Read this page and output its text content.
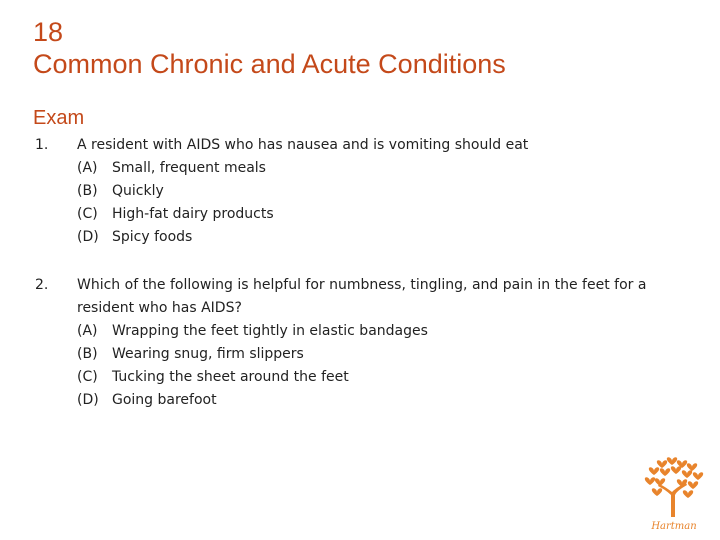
18
Common Chronic and Acute Conditions
Exam
1. A resident with AIDS who has nausea and is vomiting should eat
(A) Small, frequent meals
(B) Quickly
(C) High-fat dairy products
(D) Spicy foods
2. Which of the following is helpful for numbness, tingling, and pain in the feet for a resident who has AIDS?
(A) Wrapping the feet tightly in elastic bandages
(B) Wearing snug, firm slippers
(C) Tucking the sheet around the feet
(D) Going barefoot
Hartman
